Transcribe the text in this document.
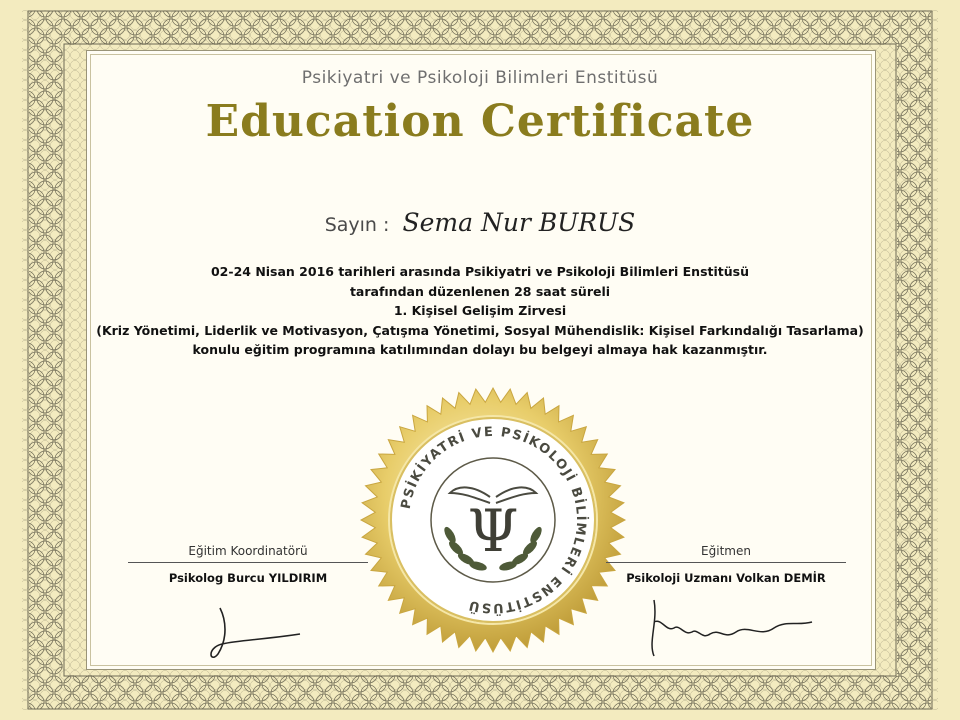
Psikiyatri ve Psikoloji Bilimleri Enstitüsü
Education Certificate
Sayın : Sema Nur BURUS
02-24 Nisan 2016 tarihleri arasında Psikiyatri ve Psikoloji Bilimleri Enstitüsü
tarafından düzenlenen 28 saat süreli
1. Kişisel Gelişim Zirvesi
(Kriz Yönetimi, Liderlik ve Motivasyon, Çatışma Yönetimi, Sosyal Mühendislik: Kişisel Farkındalığı Tasarlama)
konulu eğitim programına katılımından dolayı bu belgeyi almaya hak kazanmıştır.
PSİKİYATRİ VE PSİKOLOJİ BİLİMLERİ ENSTİTÜSÜ
Ψ
Eğitim Koordinatörü
Psikolog Burcu YILDIRIM
Eğitmen
Psikoloji Uzmanı Volkan DEMİR
